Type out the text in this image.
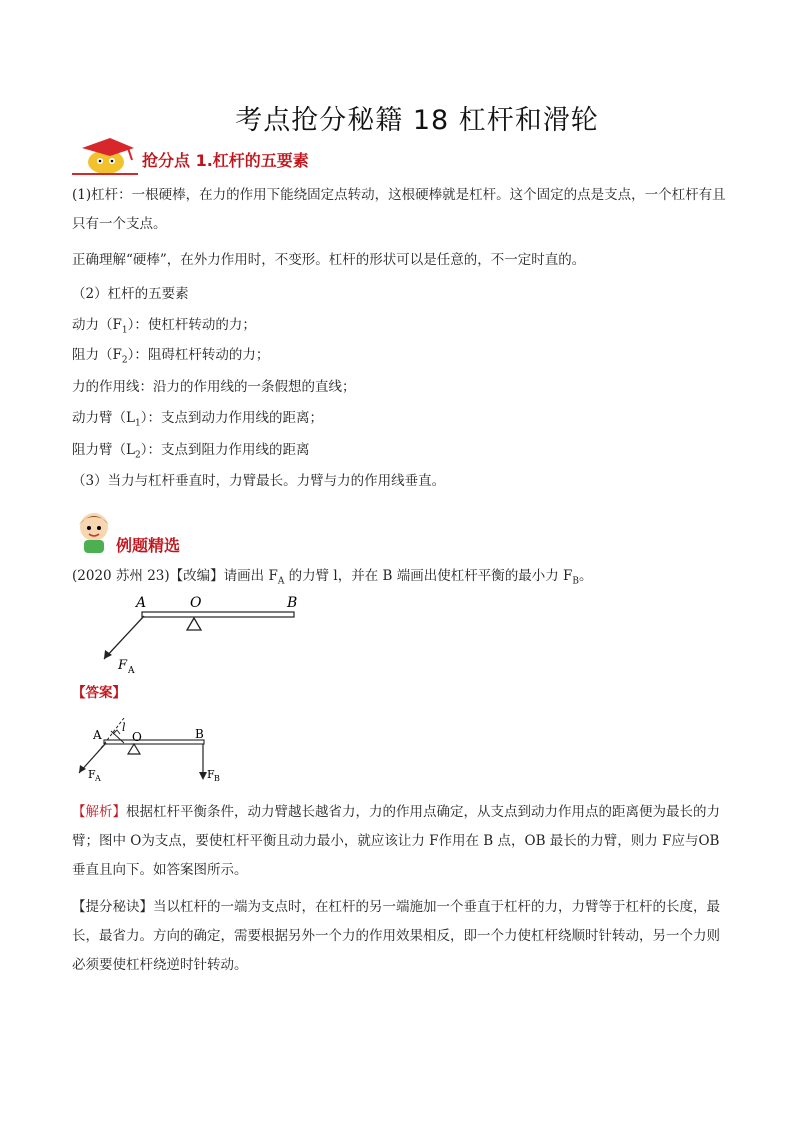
考点抢分秘籍 18 杠杆和滑轮
抢分点 1.杠杆的五要素
(1)杠杆：一根硬棒，在力的作用下能绕固定点转动，这根硬棒就是杠杆。这个固定的点是支点，一个杠杆有且只有一个支点。
正确理解“硬棒”，在外力作用时，不变形。杠杆的形状可以是任意的，不一定时直的。
（2）杠杆的五要素
动力$(F_1)$：使杠杆转动的力；
阻力$(F_2)$：阻碍杠杆转动的力；
力的作用线：沿力的作用线的一条假想的直线；
动力臂$(L_1)$：支点到动力作用线的距离；
阻力臂$(L_2)$：支点到阻力作用线的距离
（3）当力与杠杆垂直时，力臂最长。力臂与力的作用线垂直。
例题精选
(2020 苏州 23)【改编】请画出 $F_A$ 的力臂 l，并在 B 端画出使杠杆平衡的最小力 $F_B$。
A	O	B
F A
【答案】
A	O	B
l
F A	F B
【解析】根据杠杆平衡条件，动力臂越长越省力，力的作用点确定，从支点到动力作用点的距离便为最长的力臂；图中 O为支点，要使杠杆平衡且动力最小，就应该让力 F作用在 B 点，OB 最长的力臂，则力 F应与OB 垂直且向下。如答案图所示。
【提分秘诀】当以杠杆的一端为支点时，在杠杆的另一端施加一个垂直于杠杆的力，力臂等于杠杆的长度，最长，最省力。方向的确定，需要根据另外一个力的作用效果相反，即一个力使杠杆绕顺时针转动，另一个力则必须要使杠杆绕逆时针转动。
